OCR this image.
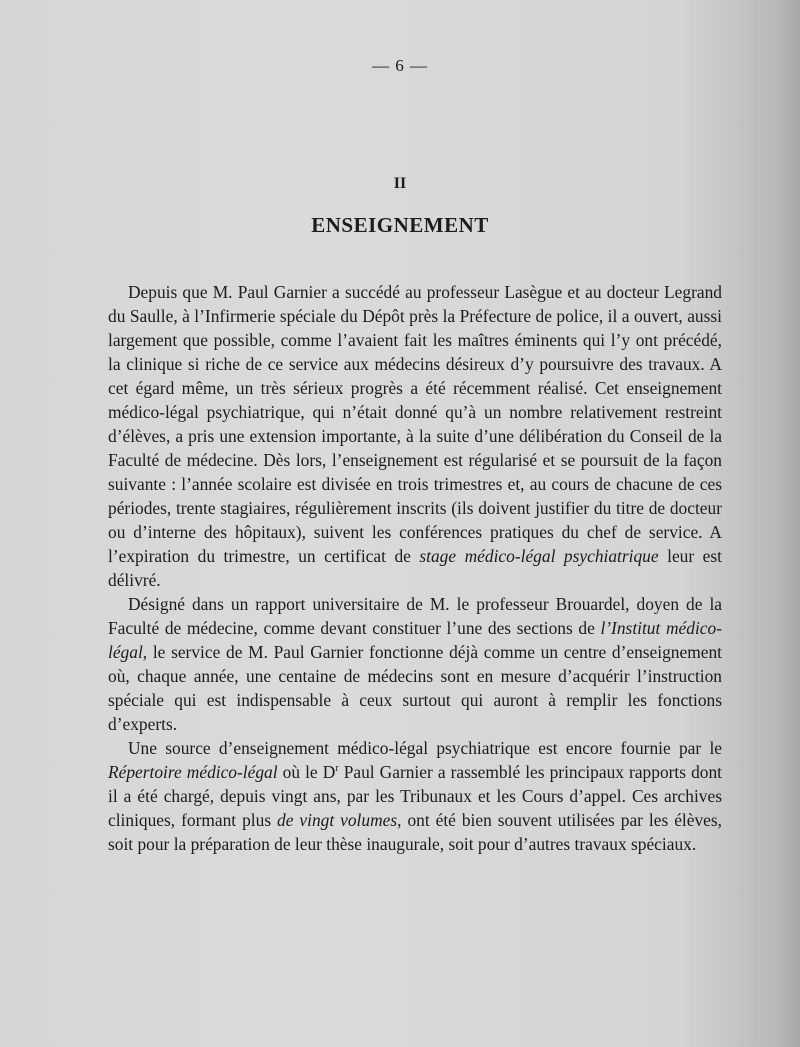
— 6 —
II
ENSEIGNEMENT

Depuis que M. Paul Garnier a succédé au professeur Lasègue et au docteur Legrand du Saulle, à l’Infirmerie spéciale du Dépôt près la Préfecture de police, il a ouvert, aussi largement que possible, comme l’avaient fait les maîtres éminents qui l’y ont précédé, la clinique si riche de ce service aux médecins désireux d’y poursuivre des travaux. A cet égard même, un très sérieux progrès a été récemment réalisé. Cet enseignement médico-légal psychiatrique, qui n’était donné qu’à un nombre relativement restreint d’élèves, a pris une extension importante, à la suite d’une délibération du Conseil de la Faculté de médecine. Dès lors, l’enseignement est régularisé et se poursuit de la façon suivante : l’année scolaire est divisée en trois trimestres et, au cours de chacune de ces périodes, trente stagiaires, régulièrement inscrits (ils doivent justifier du titre de docteur ou d’interne des hôpitaux), suivent les conférences pratiques du chef de service. A l’expiration du trimestre, un certificat de stage médico-légal psychiatrique leur est délivré.

Désigné dans un rapport universitaire de M. le professeur Brouardel, doyen de la Faculté de médecine, comme devant constituer l’une des sections de l’Institut médico-légal, le service de M. Paul Garnier fonctionne déjà comme un centre d’enseignement où, chaque année, une centaine de médecins sont en mesure d’acquérir l’instruction spéciale qui est indispensable à ceux surtout qui auront à remplir les fonctions d’experts.

Une source d’enseignement médico-légal psychiatrique est encore fournie par le Répertoire médico-légal où le $D^r$ Paul Garnier a rassemblé les principaux rapports dont il a été chargé, depuis vingt ans, par les Tribunaux et les Cours d’appel. Ces archives cliniques, formant plus de vingt volumes, ont été bien souvent utilisées par les élèves, soit pour la préparation de leur thèse inaugurale, soit pour d’autres travaux spéciaux.
